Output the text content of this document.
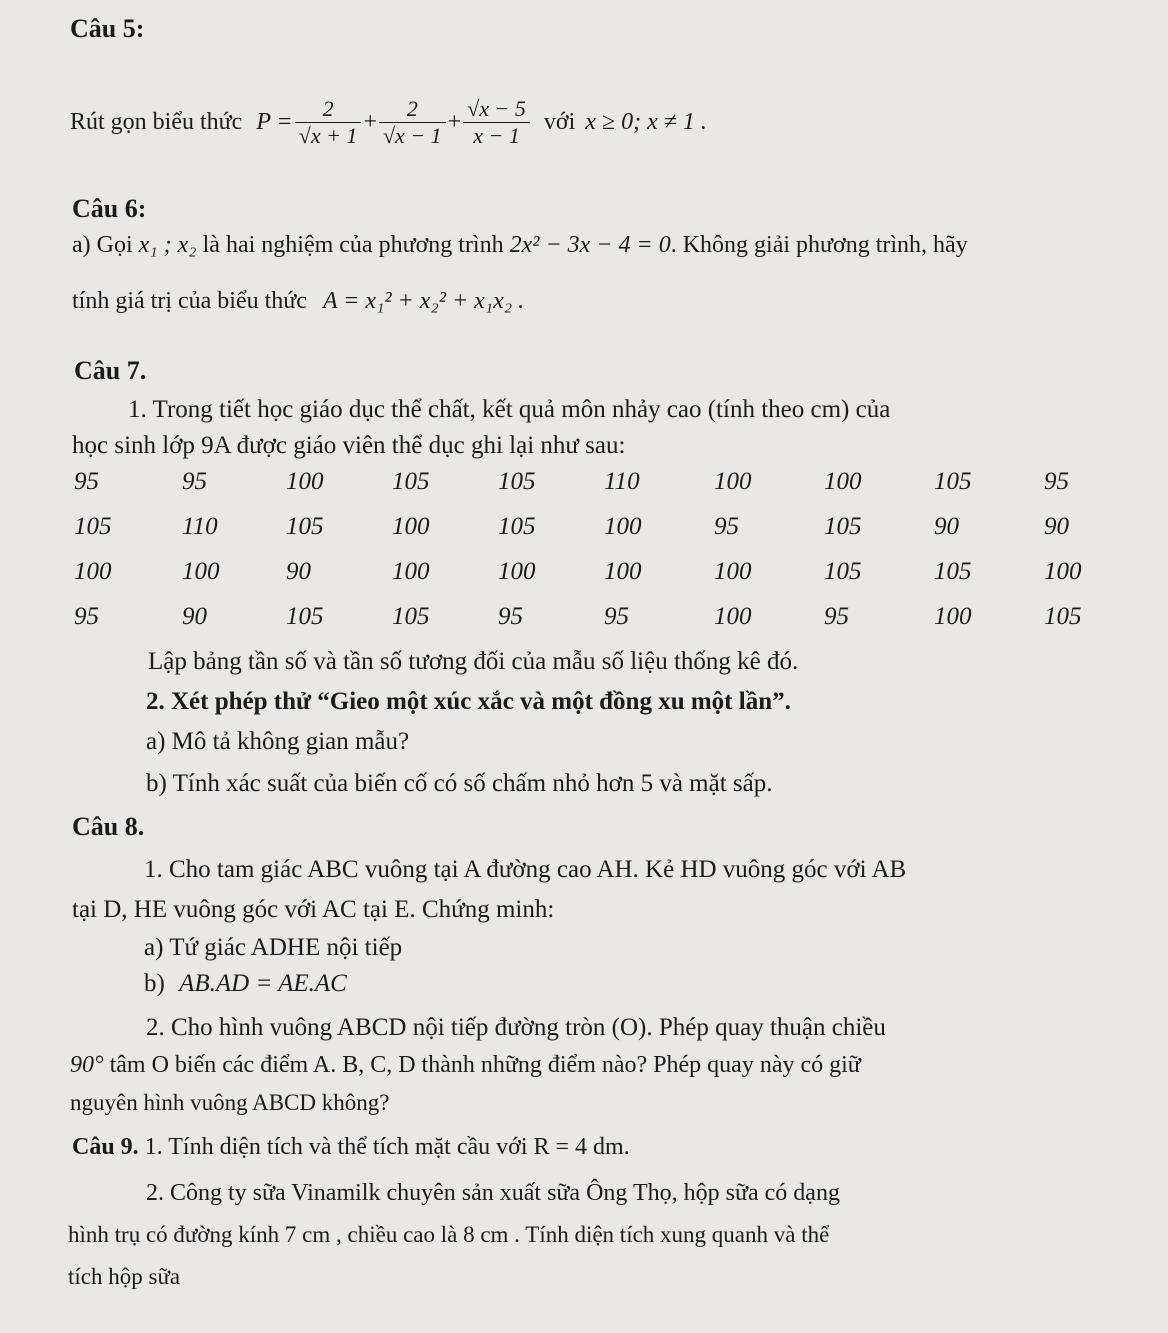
Câu 5:
Rút gọn biểu thức $P = \frac{2}{√x + 1} + \frac{2}{√x - 1} + \frac{√x - 5}{x - 1}$ với x ≥ 0; x ≠ 1 .
Câu 6:
a) Gọi x₁ ; x₂ là hai nghiệm của phương trình 2x² − 3x − 4 = 0. Không giải phương trình, hãy
tính giá trị của biểu thức A = x₁² + x₂² + x₁x₂ .
Câu 7.
1. Trong tiết học giáo dục thể chất, kết quả môn nhảy cao (tính theo cm) của
học sinh lớp 9A được giáo viên thể dục ghi lại như sau:
95	95	100	105	105	110	100	100	105	95
105	110	105	100	105	100	95	105	90	90
100	100	90	100	100	100	100	105	105	100
95	90	105	105	95	95	100	95	100	105
Lập bảng tần số và tần số tương đối của mẫu số liệu thống kê đó.
2. Xét phép thử “Gieo một xúc xắc và một đồng xu một lần”.
a) Mô tả không gian mẫu?
b) Tính xác suất của biến cố có số chấm nhỏ hơn 5 và mặt sấp.
Câu 8.
1. Cho tam giác ABC vuông tại A đường cao AH. Kẻ HD vuông góc với AB
tại D, HE vuông góc với AC tại E. Chứng minh:
a) Tứ giác ADHE nội tiếp
b) AB.AD = AE.AC
2. Cho hình vuông ABCD nội tiếp đường tròn (O). Phép quay thuận chiều
90° tâm O biến các điểm A. B, C, D thành những điểm nào? Phép quay này có giữ
nguyên hình vuông ABCD không?
Câu 9. 1. Tính diện tích và thể tích mặt cầu với R = 4 dm.
2. Công ty sữa Vinamilk chuyên sản xuất sữa Ông Thọ, hộp sữa có dạng
hình trụ có đường kính 7 cm , chiều cao là 8 cm . Tính diện tích xung quanh và thể
tích hộp sữa
